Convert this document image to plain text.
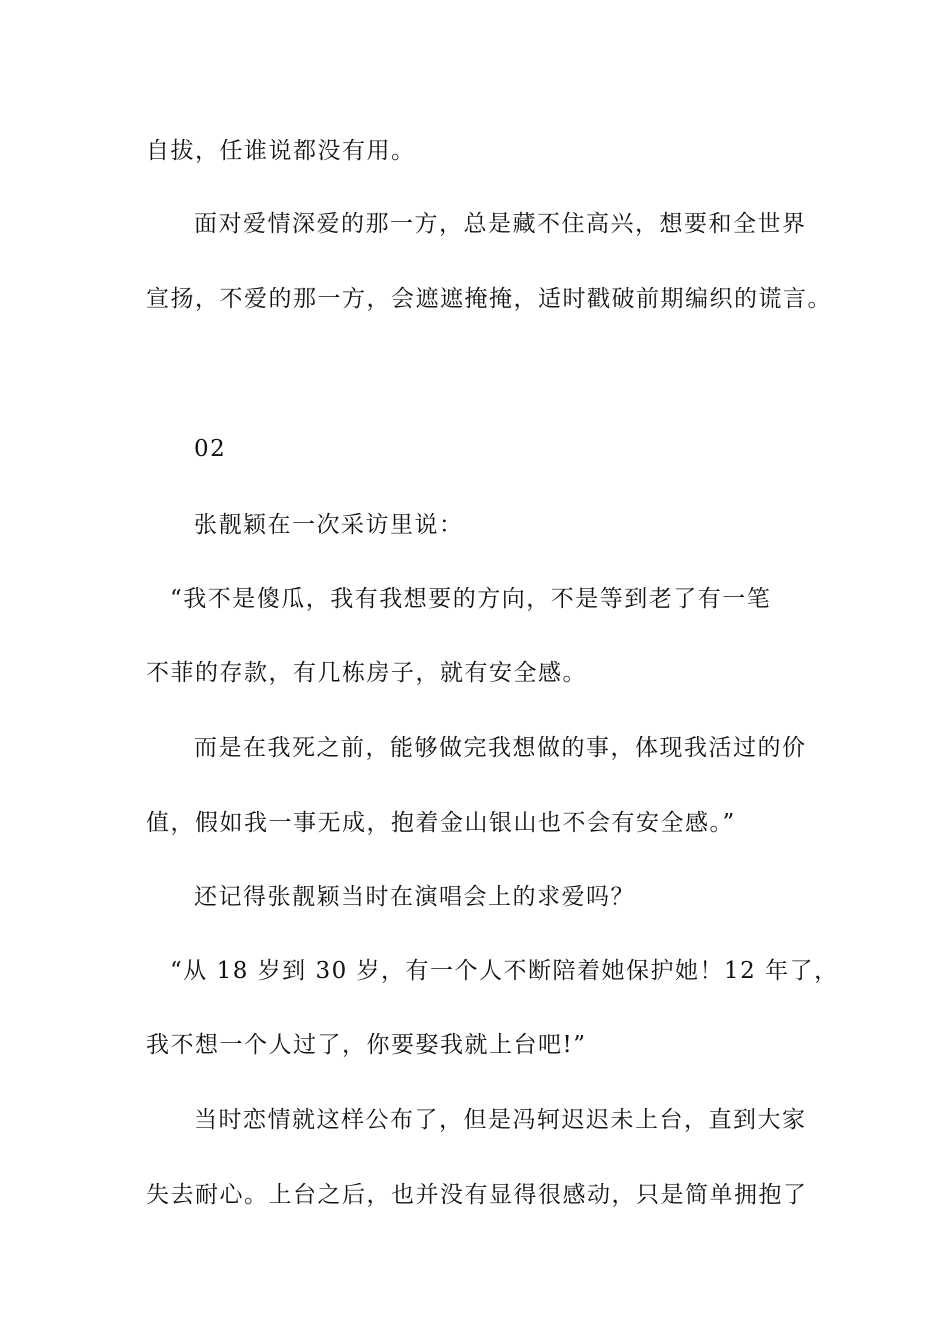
自拔，任谁说都没有用。
面对爱情深爱的那一方，总是藏不住高兴，想要和全世界
宣扬，不爱的那一方，会遮遮掩掩，适时戳破前期编织的谎言。
02
张靓颖在一次采访里说：
“我不是傻瓜，我有我想要的方向，不是等到老了有一笔
不菲的存款，有几栋房子，就有安全感。
而是在我死之前，能够做完我想做的事，体现我活过的价
值，假如我一事无成，抱着金山银山也不会有安全感。”
还记得张靓颖当时在演唱会上的求爱吗？
“从 18 岁到 30 岁，有一个人不断陪着她保护她！12 年了，
我不想一个人过了，你要娶我就上台吧!”
当时恋情就这样公布了，但是冯轲迟迟未上台，直到大家
失去耐心。上台之后，也并没有显得很感动，只是简单拥抱了
